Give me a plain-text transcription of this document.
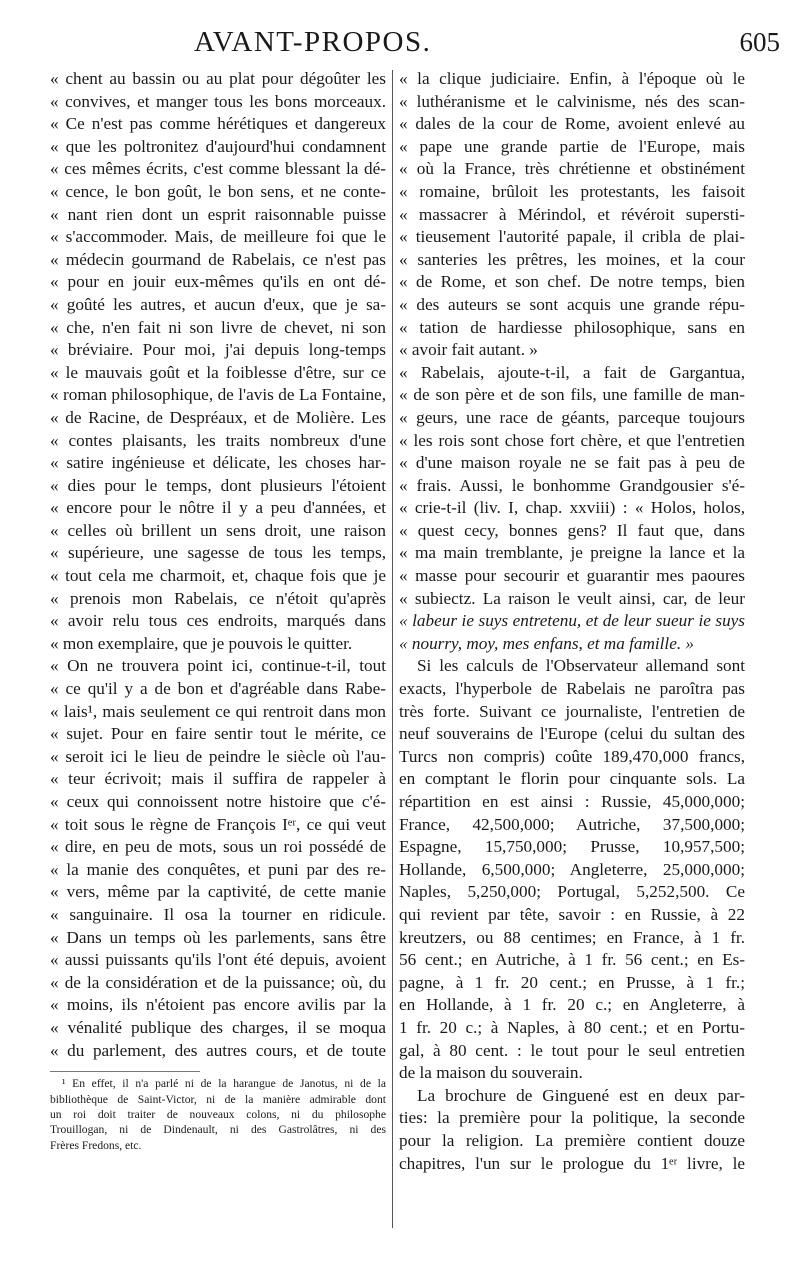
AVANT-PROPOS.	605
« chent au bassin ou au plat pour dégoûter les
« convives, et manger tous les bons morceaux.
« Ce n'est pas comme hérétiques et dangereux
« que les poltronitez d'aujourd'hui condamnent
« ces mêmes écrits, c'est comme blessant la dé-
« cence, le bon goût, le bon sens, et ne conte-
« nant rien dont un esprit raisonnable puisse
« s'accommoder. Mais, de meilleure foi que le
« médecin gourmand de Rabelais, ce n'est pas
« pour en jouir eux-mêmes qu'ils en ont dé-
« goûté les autres, et aucun d'eux, que je sa-
« che, n'en fait ni son livre de chevet, ni son
« bréviaire. Pour moi, j'ai depuis long-temps
« le mauvais goût et la foiblesse d'être, sur ce
« roman philosophique, de l'avis de La Fontaine,
« de Racine, de Despréaux, et de Molière. Les
« contes plaisants, les traits nombreux d'une
« satire ingénieuse et délicate, les choses har-
« dies pour le temps, dont plusieurs l'étoient
« encore pour le nôtre il y a peu d'années, et
« celles où brillent un sens droit, une raison
« supérieure, une sagesse de tous les temps,
« tout cela me charmoit, et, chaque fois que je
« prenois mon Rabelais, ce n'étoit qu'après
« avoir relu tous ces endroits, marqués dans
« mon exemplaire, que je pouvois le quitter.
« On ne trouvera point ici, continue-t-il, tout
« ce qu'il y a de bon et d'agréable dans Rabe-
« lais¹, mais seulement ce qui rentroit dans mon
« sujet. Pour en faire sentir tout le mérite, ce
« seroit ici le lieu de peindre le siècle où l'au-
« teur écrivoit; mais il suffira de rappeler à
« ceux qui connoissent notre histoire que c'é-
« toit sous le règne de François Iᵉʳ, ce qui veut
« dire, en peu de mots, sous un roi possédé de
« la manie des conquêtes, et puni par des re-
« vers, même par la captivité, de cette manie
« sanguinaire. Il osa la tourner en ridicule.
« Dans un temps où les parlements, sans être
« aussi puissants qu'ils l'ont été depuis, avoient
« de la considération et de la puissance; où, du
« moins, ils n'étoient pas encore avilis par la
« vénalité publique des charges, il se moqua
« du parlement, des autres cours, et de toute
¹ En effet, il n'a parlé ni de la harangue de Janotus, ni de la
bibliothèque de Saint-Victor, ni de la manière admirable dont
un roi doit traiter de nouveaux colons, ni du philosophe
Trouillogan, ni de Dindenault, ni des Gastrolâtres, ni des
Frères Fredons, etc.
« la clique judiciaire. Enfin, à l'époque où le
« luthéranisme et le calvinisme, nés des scan-
« dales de la cour de Rome, avoient enlevé au
« pape une grande partie de l'Europe, mais
« où la France, très chrétienne et obstinément
« romaine, brûloit les protestants, les faisoit
« massacrer à Mérindol, et révéroit supersti-
« tieusement l'autorité papale, il cribla de plai-
« santeries les prêtres, les moines, et la cour
« de Rome, et son chef. De notre temps, bien
« des auteurs se sont acquis une grande répu-
« tation de hardiesse philosophique, sans en
« avoir fait autant. »
« Rabelais, ajoute-t-il, a fait de Gargantua,
« de son père et de son fils, une famille de man-
« geurs, une race de géants, parceque toujours
« les rois sont chose fort chère, et que l'entretien
« d'une maison royale ne se fait pas à peu de
« frais. Aussi, le bonhomme Grandgousier s'é-
« crie-t-il (liv. I, chap. xxviii) : « Holos, holos,
« quest cecy, bonnes gens? Il faut que, dans
« ma main tremblante, je preigne la lance et la
« masse pour secourir et guarantir mes paoures
« subiectz. La raison le veult ainsi, car, de leur
« labeur ie suys entretenu, et de leur sueur ie suys
« nourry, moy, mes enfans, et ma famille. »
Si les calculs de l'Observateur allemand sont
exacts, l'hyperbole de Rabelais ne paroîtra pas
très forte. Suivant ce journaliste, l'entretien de
neuf souverains de l'Europe (celui du sultan des
Turcs non compris) coûte 189,470,000 francs,
en comptant le florin pour cinquante sols. La
répartition en est ainsi : Russie, 45,000,000;
France, 42,500,000; Autriche, 37,500,000;
Espagne, 15,750,000; Prusse, 10,957,500;
Hollande, 6,500,000; Angleterre, 25,000,000;
Naples, 5,250,000; Portugal, 5,252,500. Ce
qui revient par tête, savoir : en Russie, à 22
kreutzers, ou 88 centimes; en France, à 1 fr.
56 cent.; en Autriche, à 1 fr. 56 cent.; en Es-
pagne, à 1 fr. 20 cent.; en Prusse, à 1 fr.;
en Hollande, à 1 fr. 20 c.; en Angleterre, à
1 fr. 20 c.; à Naples, à 80 cent.; et en Portu-
gal, à 80 cent. : le tout pour le seul entretien
de la maison du souverain.
La brochure de Ginguené est en deux par-
ties: la première pour la politique, la seconde
pour la religion. La première contient douze
chapitres, l'un sur le prologue du 1ᵉʳ livre, le
